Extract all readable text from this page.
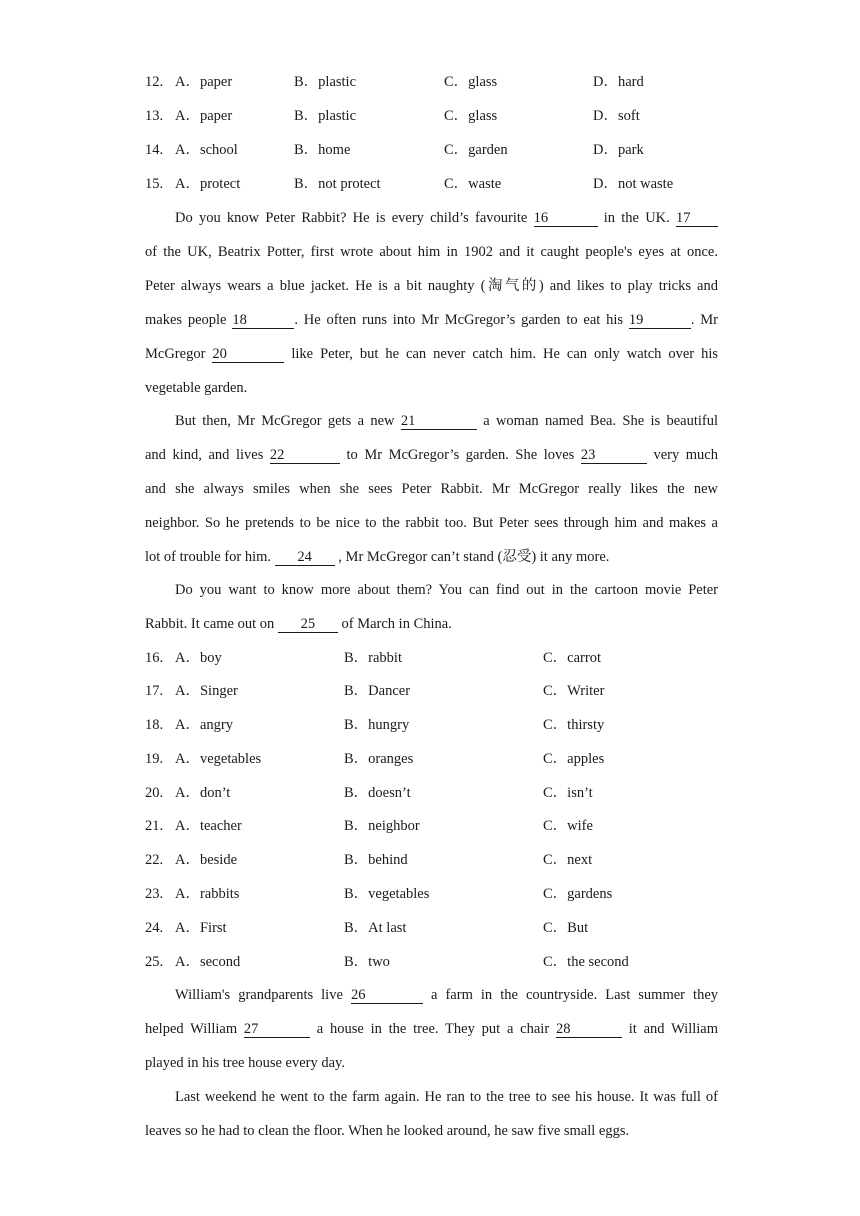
12. A．paper	B．plastic	C．glass	D．hard
13. A．paper	B．plastic	C．glass	D．soft
14. A．school	B．home	C．garden	D．park
15. A．protect	B．not protect	C．waste	D．not waste
Do you know Peter Rabbit? He is every child’s favourite 16	in the UK. 17
of the UK, Beatrix Potter, first wrote about him in 1902 and it caught people's eyes at once.
Peter always wears a blue jacket. He is a bit naughty (淘气的) and likes to play tricks and
makes people 18	. He often runs into Mr McGregor’s garden to eat his 19	. Mr
McGregor 20	like Peter, but he can never catch him. He can only watch over his
vegetable garden.
But then, Mr McGregor gets a new 21	a woman named Bea. She is beautiful
and kind, and lives 22	to Mr McGregor’s garden. She loves 23	very much
and she always smiles when she sees Peter Rabbit. Mr McGregor really likes the new
neighbor. So he pretends to be nice to the rabbit too. But Peter sees through him and makes a
lot of trouble for him. 24 , Mr McGregor can’t stand (忍受) it any more.
Do you want to know more about them? You can find out in the cartoon movie Peter
Rabbit. It came out on 25 of March in China.
16. A．boy	B．rabbit	C．carrot
17. A．Singer	B．Dancer	C．Writer
18. A．angry	B．hungry	C．thirsty
19. A．vegetables	B．oranges	C．apples
20. A．don’t	B．doesn’t	C．isn’t
21. A．teacher	B．neighbor	C．wife
22. A．beside	B．behind	C．next
23. A．rabbits	B．vegetables	C．gardens
24. A．First	B．At last	C．But
25. A．second	B．two	C．the second
William's grandparents live 26	a farm in the countryside. Last summer they
helped William 27	a house in the tree. They put a chair 28	it and William
played in his tree house every day.
Last weekend he went to the farm again. He ran to the tree to see his house. It was full of
leaves so he had to clean the floor. When he looked around, he saw five small eggs.
